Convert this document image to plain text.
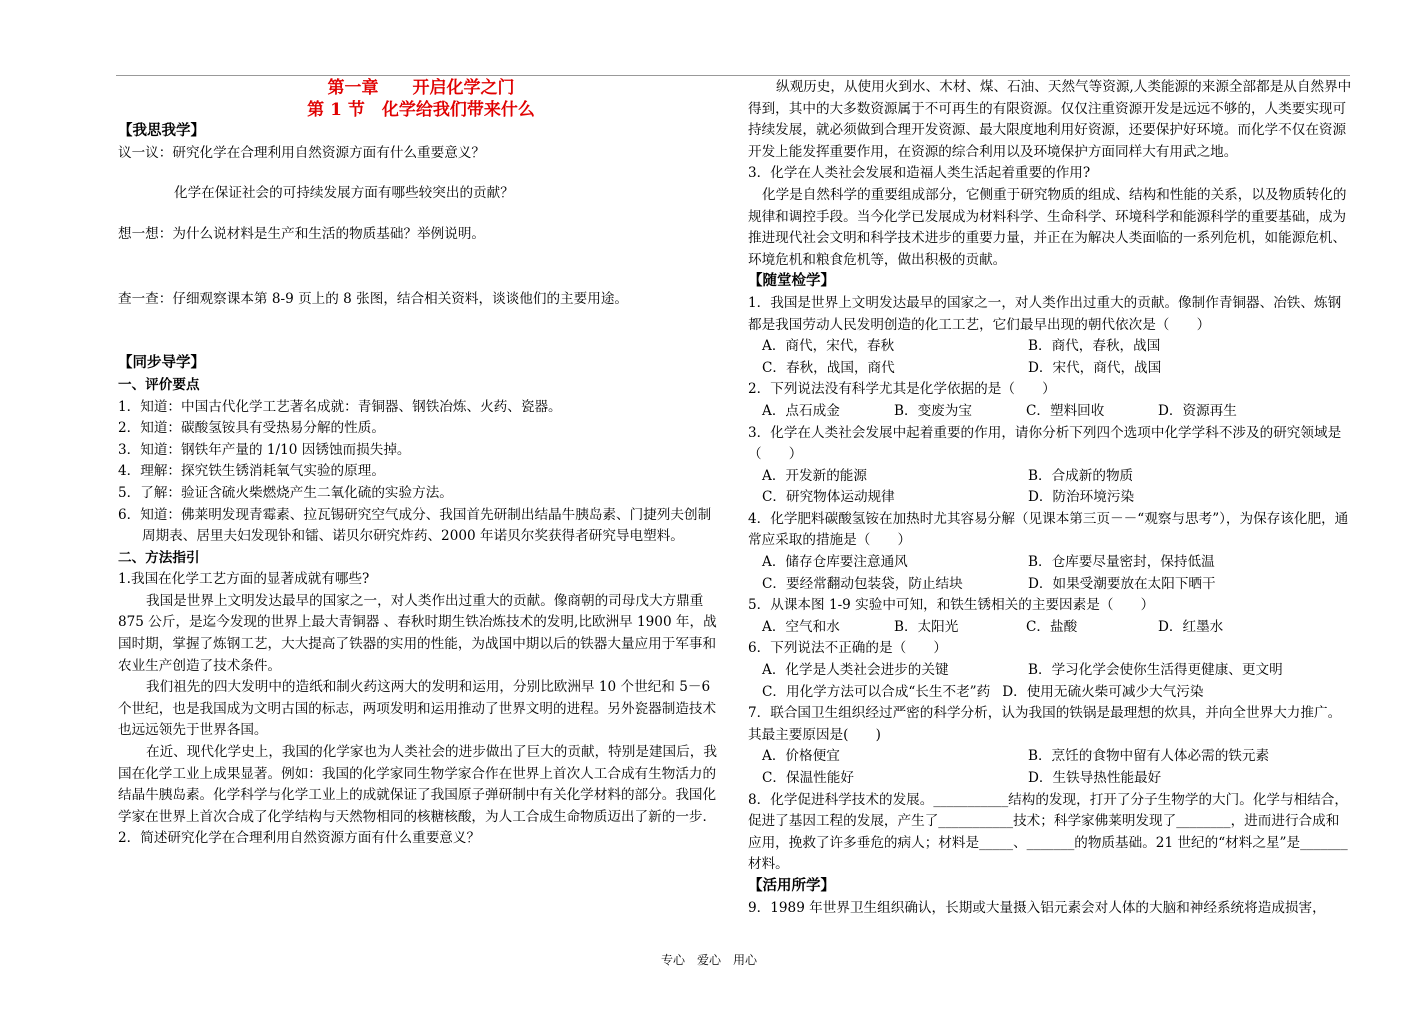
第一章　　开启化学之门

第 1 节　化学给我们带来什么

【我思我学】

议一议：研究化学在合理利用自然资源方面有什么重要意义？

化学在保证社会的可持续发展方面有哪些较突出的贡献？

想一想：为什么说材料是生产和生活的物质基础？举例说明。

查一查：仔细观察课本第 8-9 页上的 8 张图，结合相关资料，谈谈他们的主要用途。

【同步导学】

一、评价要点

1．知道：中国古代化学工艺著名成就：青铜器、钢铁冶炼、火药、瓷器。

2．知道：碳酸氢铵具有受热易分解的性质。

3．知道：钢铁年产量的 1/10 因锈蚀而损失掉。

4．理解：探究铁生锈消耗氧气实验的原理。

5．了解：验证含硫火柴燃烧产生二氧化硫的实验方法。

6．知道：佛莱明发现青霉素、拉瓦锡研究空气成分、我国首先研制出结晶牛胰岛素、门捷列夫创制周期表、居里夫妇发现钋和镭、诺贝尔研究炸药、2000 年诺贝尔奖获得者研究导电塑料。

二、方法指引

1.我国在化学工艺方面的显著成就有哪些?

我国是世界上文明发达最早的国家之一，对人类作出过重大的贡献。像商朝的司母戊大方鼎重 875 公斤，是迄今发现的世界上最大青铜器 、春秋时期生铁冶炼技术的发明,比欧洲早 1900 年，战国时期，掌握了炼钢工艺，大大提高了铁器的实用的性能，为战国中期以后的铁器大量应用于军事和农业生产创造了技术条件。

我们祖先的四大发明中的造纸和制火药这两大的发明和运用，分别比欧洲早 10 个世纪和 5－6 个世纪，也是我国成为文明古国的标志，两项发明和运用推动了世界文明的进程。另外瓷器制造技术也远远领先于世界各国。

在近、现代化学史上，我国的化学家也为人类社会的进步做出了巨大的贡献，特别是建国后，我国在化学工业上成果显著。例如：我国的化学家同生物学家合作在世界上首次人工合成有生物活力的结晶牛胰岛素。化学科学与化学工业上的成就保证了我国原子弹研制中有关化学材料的部分。我国化学家在世界上首次合成了化学结构与天然物相同的核糖核酸，为人工合成生命物质迈出了新的一步．

2．简述研究化学在合理利用自然资源方面有什么重要意义？

纵观历史，从使用火到水、木材、煤、石油、天然气等资源,人类能源的来源全部都是从自然界中得到，其中的大多数资源属于不可再生的有限资源。仅仅注重资源开发是远远不够的，人类要实现可持续发展，就必须做到合理开发资源、最大限度地利用好资源，还要保护好环境。而化学不仅在资源开发上能发挥重要作用，在资源的综合利用以及环境保护方面同样大有用武之地。

3．化学在人类社会发展和造福人类生活起着重要的作用?

化学是自然科学的重要组成部分，它侧重于研究物质的组成、结构和性能的关系，以及物质转化的规律和调控手段。当今化学已发展成为材料科学、生命科学、环境科学和能源科学的重要基础，成为推进现代社会文明和科学技术进步的重要力量，并正在为解决人类面临的一系列危机，如能源危机、环境危机和粮食危机等，做出积极的贡献。

【随堂检学】

1．我国是世界上文明发达最早的国家之一，对人类作出过重大的贡献。像制作青铜器、冶铁、炼钢都是我国劳动人民发明创造的化工工艺，它们最早出现的朝代依次是（　　）

A．商代，宋代，春秋	B．商代，春秋，战国
C．春秋，战国，商代	D．宋代，商代，战国

2．下列说法没有科学尤其是化学依据的是（　　）

A．点石成金	B．变废为宝	C．塑料回收	D．资源再生

3．化学在人类社会发展中起着重要的作用，请你分析下列四个选项中化学学科不涉及的研究领域是　（　　）

A．开发新的能源	B．合成新的物质
C．研究物体运动规律	D．防治环境污染

4．化学肥料碳酸氢铵在加热时尤其容易分解（见课本第三页－－“观察与思考”），为保存该化肥，通常应采取的措施是（　　）

A．储存仓库要注意通风	B．仓库要尽量密封，保持低温
C．要经常翻动包装袋，防止结块	D．如果受潮要放在太阳下晒干

5．从课本图 1-9 实验中可知，和铁生锈相关的主要因素是（　　）

A．空气和水	B．太阳光	C．盐酸	D．红墨水

6．下列说法不正确的是（　　）

A．化学是人类社会进步的关键	B．学习化学会使你生活得更健康、更文明
C．用化学方法可以合成“长生不老”药 D．使用无硫火柴可减少大气污染

7．联合国卫生组织经过严密的科学分析，认为我国的铁锅是最理想的炊具，并向全世界大力推广。其最主要原因是(　　)

A．价格便宜	B．烹饪的食物中留有人体必需的铁元素
C．保温性能好	D．生铁导热性能最好

8．化学促进科学技术的发展。___________结构的发现，打开了分子生物学的大门。化学与相结合，促进了基因工程的发展，产生了___________技术；科学家佛莱明发现了________，进而进行合成和应用，挽救了许多垂危的病人；材料是_____、_______的物质基础。21 世纪的“材料之星”是_______材料。

【活用所学】

9．1989 年世界卫生组织确认，长期或大量摄入铝元素会对人体的大脑和神经系统将造成损害，

专心　爱心　用心
